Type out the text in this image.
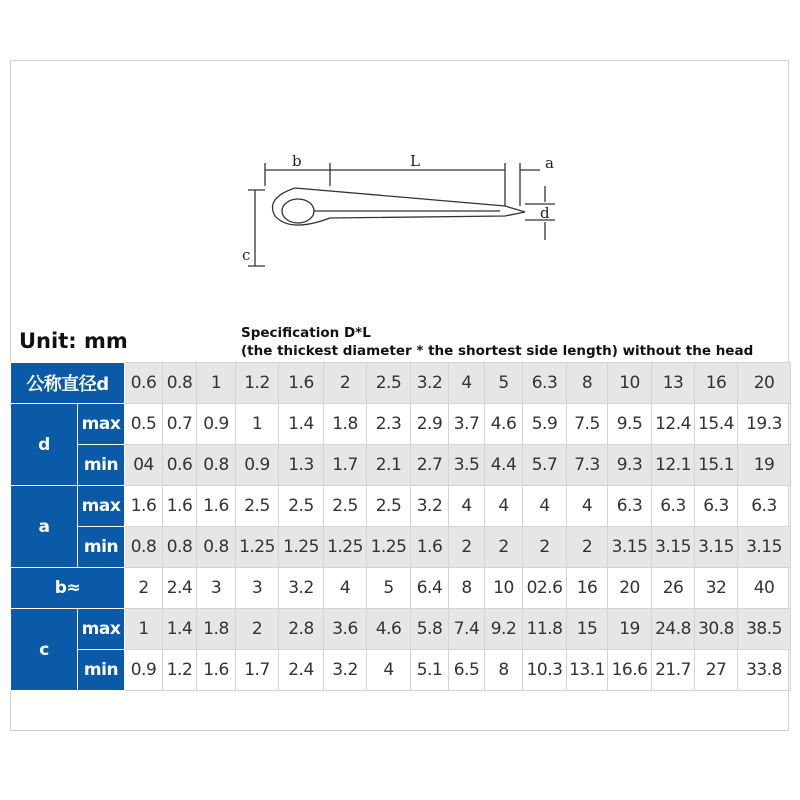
b	L	a
d
c
Unit: mm	Specification D*L
(the thickest diameter * the shortest side length) without the head
公称直径d		0.6	0.8	1	1.2	1.6	2	2.5	3.2	4	5	6.3	8	10	13	16	20
d	max	0.5	0.7	0.9	1	1.4	1.8	2.3	2.9	3.7	4.6	5.9	7.5	9.5	12.4	15.4	19.3
	min	04	0.6	0.8	0.9	1.3	1.7	2.1	2.7	3.5	4.4	5.7	7.3	9.3	12.1	15.1	19
a	max	1.6	1.6	1.6	2.5	2.5	2.5	2.5	3.2	4	4	4	4	6.3	6.3	6.3	6.3
	min	0.8	0.8	0.8	1.25	1.25	1.25	1.25	1.6	2	2	2	2	3.15	3.15	3.15	3.15
b≈		2	2.4	3	3	3.2	4	5	6.4	8	10	02.6	16	20	26	32	40
c	max	1	1.4	1.8	2	2.8	3.6	4.6	5.8	7.4	9.2	11.8	15	19	24.8	30.8	38.5
	min	0.9	1.2	1.6	1.7	2.4	3.2	4	5.1	6.5	8	10.3	13.1	16.6	21.7	27	33.8
